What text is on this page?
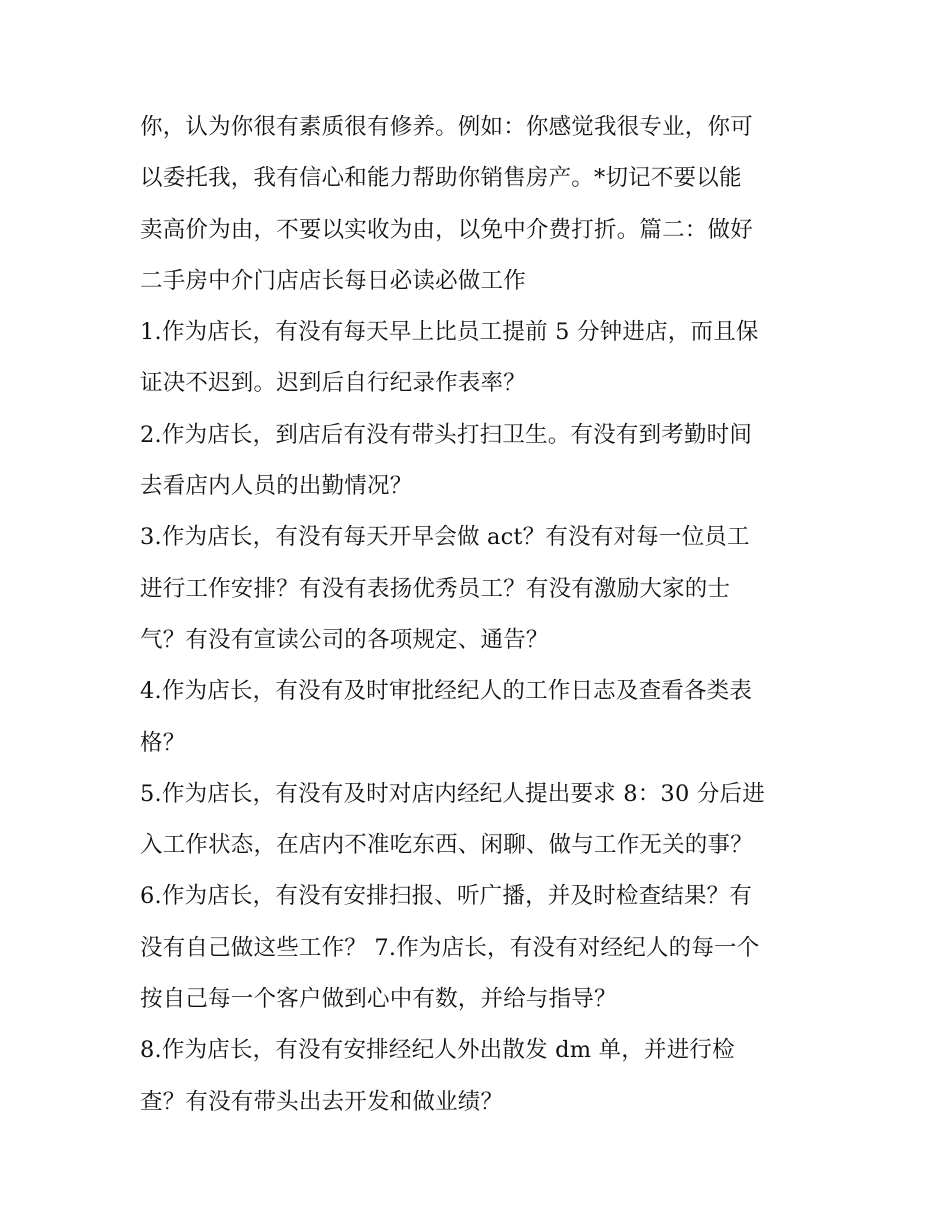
你，认为你很有素质很有修养。例如：你感觉我很专业，你可
以委托我，我有信心和能力帮助你销售房产。*切记不要以能
卖高价为由，不要以实收为由，以免中介费打折。篇二：做好
二手房中介门店店长每日必读必做工作
1.作为店长，有没有每天早上比员工提前 5 分钟进店，而且保
证决不迟到。迟到后自行纪录作表率？
2.作为店长，到店后有没有带头打扫卫生。有没有到考勤时间
去看店内人员的出勤情况？
3.作为店长，有没有每天开早会做 act？有没有对每一位员工
进行工作安排？有没有表扬优秀员工？有没有激励大家的士
气？有没有宣读公司的各项规定、通告？
4.作为店长，有没有及时审批经纪人的工作日志及查看各类表
格？
5.作为店长，有没有及时对店内经纪人提出要求 8：30 分后进
入工作状态，在店内不准吃东西、闲聊、做与工作无关的事？
6.作为店长，有没有安排扫报、听广播，并及时检查结果？有
没有自己做这些工作？ 7.作为店长，有没有对经纪人的每一个
按自己每一个客户做到心中有数，并给与指导？
8.作为店长，有没有安排经纪人外出散发 dm 单，并进行检
查？有没有带头出去开发和做业绩？
